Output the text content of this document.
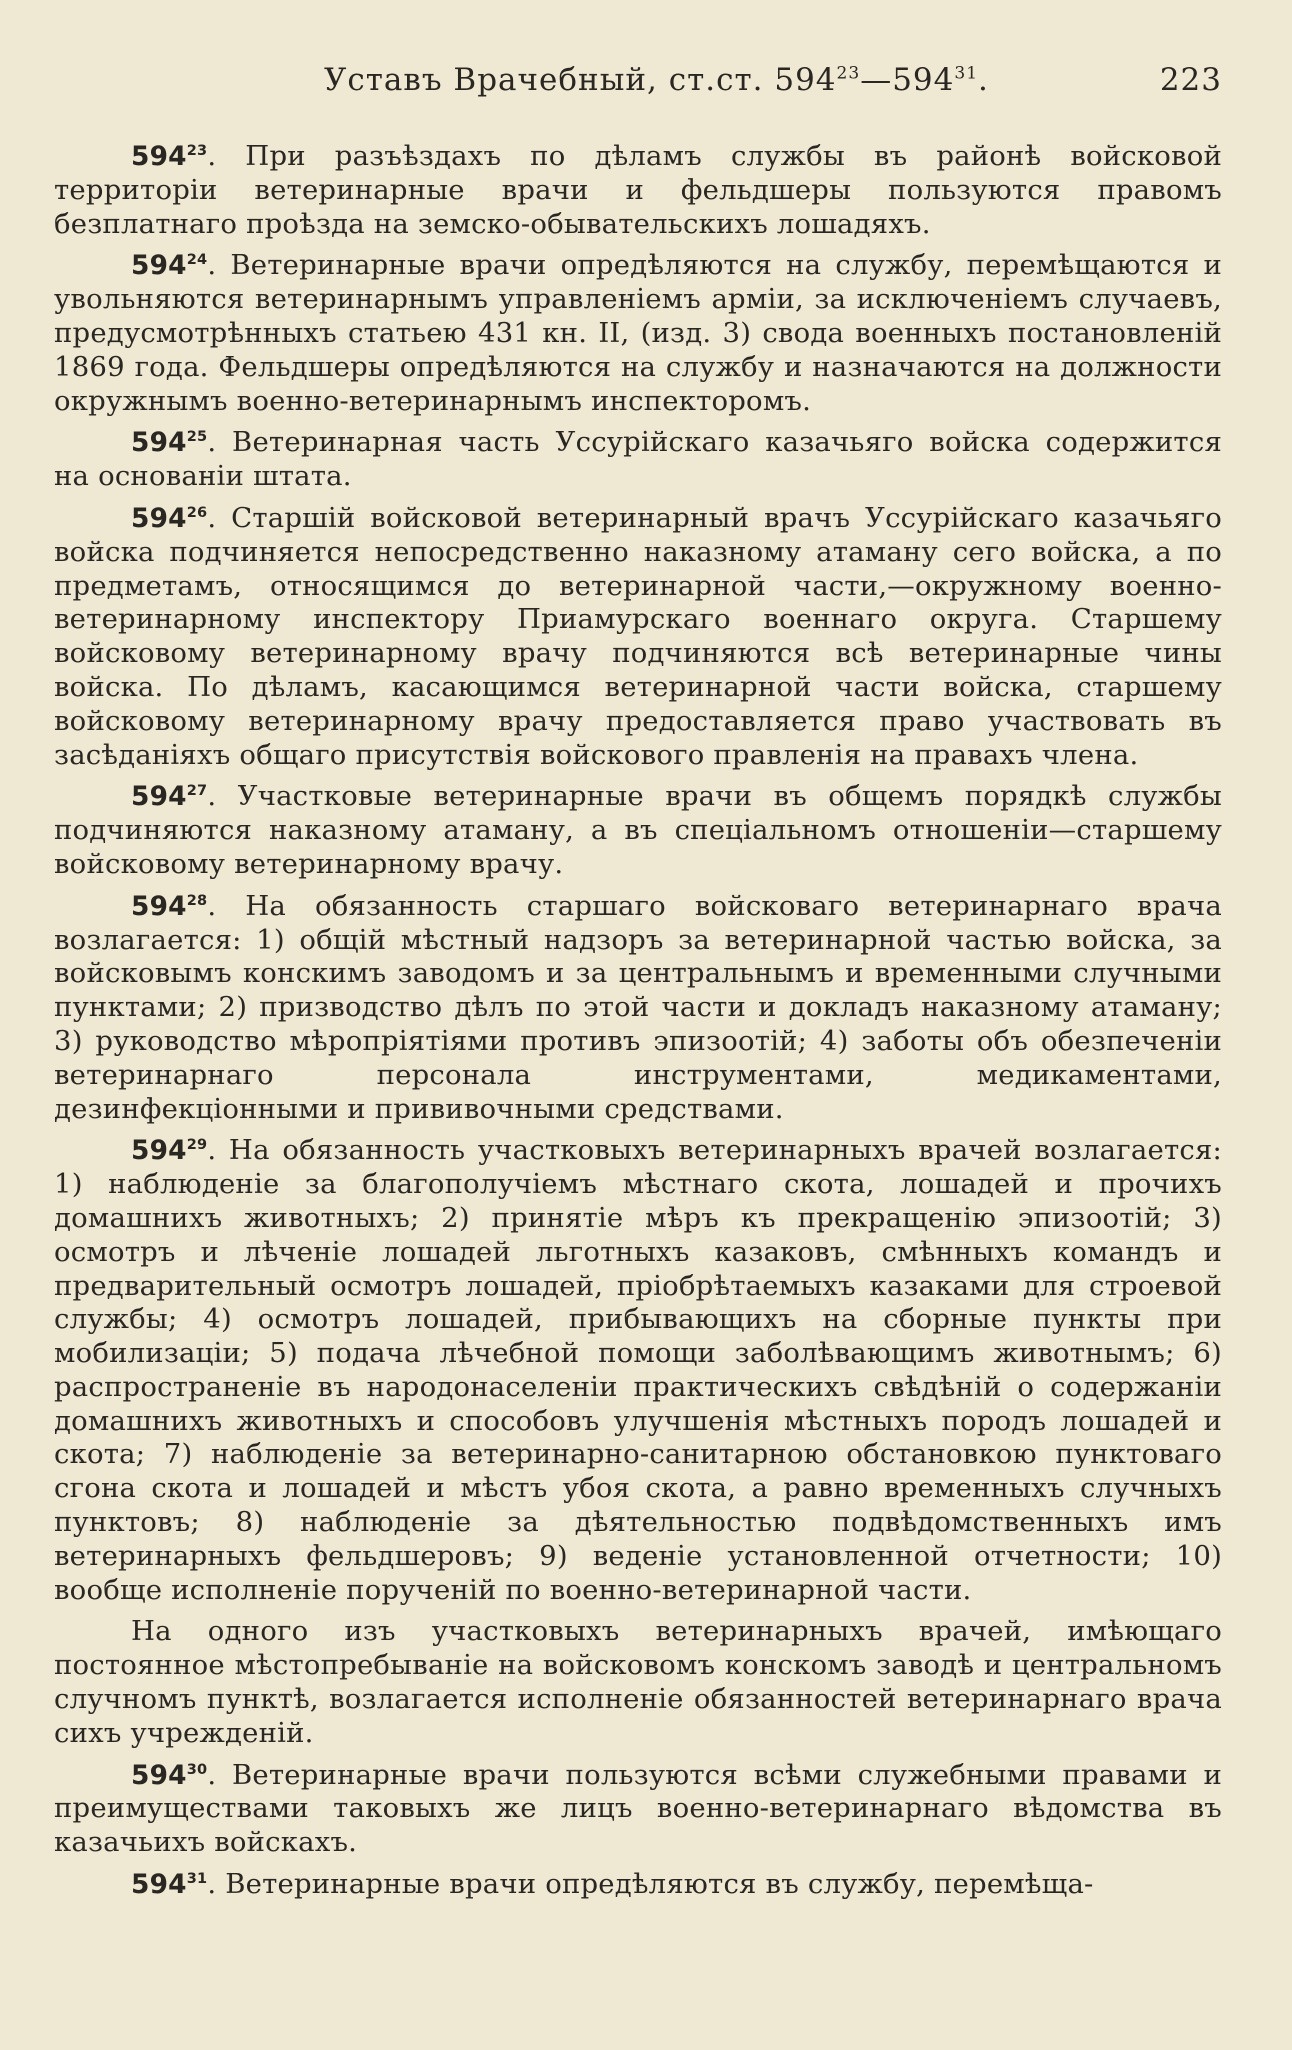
Уставъ Врачебный, ст.ст. $594^{23}—594^{31}$.	223

$594^{23}$. При разъѣздахъ по дѣламъ службы въ районѣ войсковой территоріи ветеринарные врачи и фельдшеры пользуются правомъ безплатнаго проѣзда на земско-обывательскихъ лошадяхъ.

$594^{24}$. Ветеринарные врачи опредѣляются на службу, перемѣщаются и увольняются ветеринарнымъ управленіемъ арміи, за исключеніемъ случаевъ, предусмотрѣнныхъ статьею 431 кн. II, (изд. 3) свода военныхъ постановленій 1869 года. Фельдшеры опредѣляются на службу и назначаются на должности окружнымъ военно-ветеринарнымъ инспекторомъ.

$594^{25}$. Ветеринарная часть Уссурійскаго казачьяго войска содержится на основаніи штата.

$594^{26}$. Старшій войсковой ветеринарный врачъ Уссурійскаго казачьяго войска подчиняется непосредственно наказному атаману сего войска, а по предметамъ, относящимся до ветеринарной части,—окружному военно-ветеринарному инспектору Приамурскаго военнаго округа. Старшему войсковому ветеринарному врачу подчиняются всѣ ветеринарные чины войска. По дѣламъ, касающимся ветеринарной части войска, старшему войсковому ветеринарному врачу предоставляется право участвовать въ засѣданіяхъ общаго присутствія войскового правленія на правахъ члена.

$594^{27}$. Участковые ветеринарные врачи въ общемъ порядкѣ службы подчиняются наказному атаману, а въ спеціальномъ отношеніи—старшему войсковому ветеринарному врачу.

$594^{28}$. На обязанность старшаго войсковаго ветеринарнаго врача возлагается: 1) общій мѣстный надзоръ за ветеринарной частью войска, за войсковымъ конскимъ заводомъ и за центральнымъ и временными случными пунктами; 2) призводство дѣлъ по этой части и докладъ наказному атаману; 3) руководство мѣропріятіями противъ эпизоотій; 4) заботы объ обезпеченіи ветеринарнаго персонала инструментами, медикаментами, дезинфекціонными и прививочными средствами.

$594^{29}$. На обязанность участковыхъ ветеринарныхъ врачей возлагается: 1) наблюденіе за благополучіемъ мѣстнаго скота, лошадей и прочихъ домашнихъ животныхъ; 2) принятіе мѣръ къ прекращенію эпизоотій; 3) осмотръ и лѣченіе лошадей льготныхъ казаковъ, смѣнныхъ командъ и предварительный осмотръ лошадей, пріобрѣтаемыхъ казаками для строевой службы; 4) осмотръ лошадей, прибывающихъ на сборные пункты при мобилизаціи; 5) подача лѣчебной помощи заболѣвающимъ животнымъ; 6) распространеніе въ народонаселеніи практическихъ свѣдѣній о содержаніи домашнихъ животныхъ и способовъ улучшенія мѣстныхъ породъ лошадей и скота; 7) наблюденіе за ветеринарно-санитарною обстановкою пунктоваго сгона скота и лошадей и мѣстъ убоя скота, а равно временныхъ случныхъ пунктовъ; 8) наблюденіе за дѣятельностью подвѣдомственныхъ имъ ветеринарныхъ фельдшеровъ; 9) веденіе установленной отчетности; 10) вообще исполненіе порученій по военно-ветеринарной части.

На одного изъ участковыхъ ветеринарныхъ врачей, имѣющаго постоянное мѣстопребываніе на войсковомъ конскомъ заводѣ и центральномъ случномъ пунктѣ, возлагается исполненіе обязанностей ветеринарнаго врача сихъ учрежденій.

$594^{30}$. Ветеринарные врачи пользуются всѣми служебными правами и преимуществами таковыхъ же лицъ военно-ветеринарнаго вѣдомства въ казачьихъ войскахъ.

$594^{31}$. Ветеринарные врачи опредѣляются въ службу, перемѣща-
